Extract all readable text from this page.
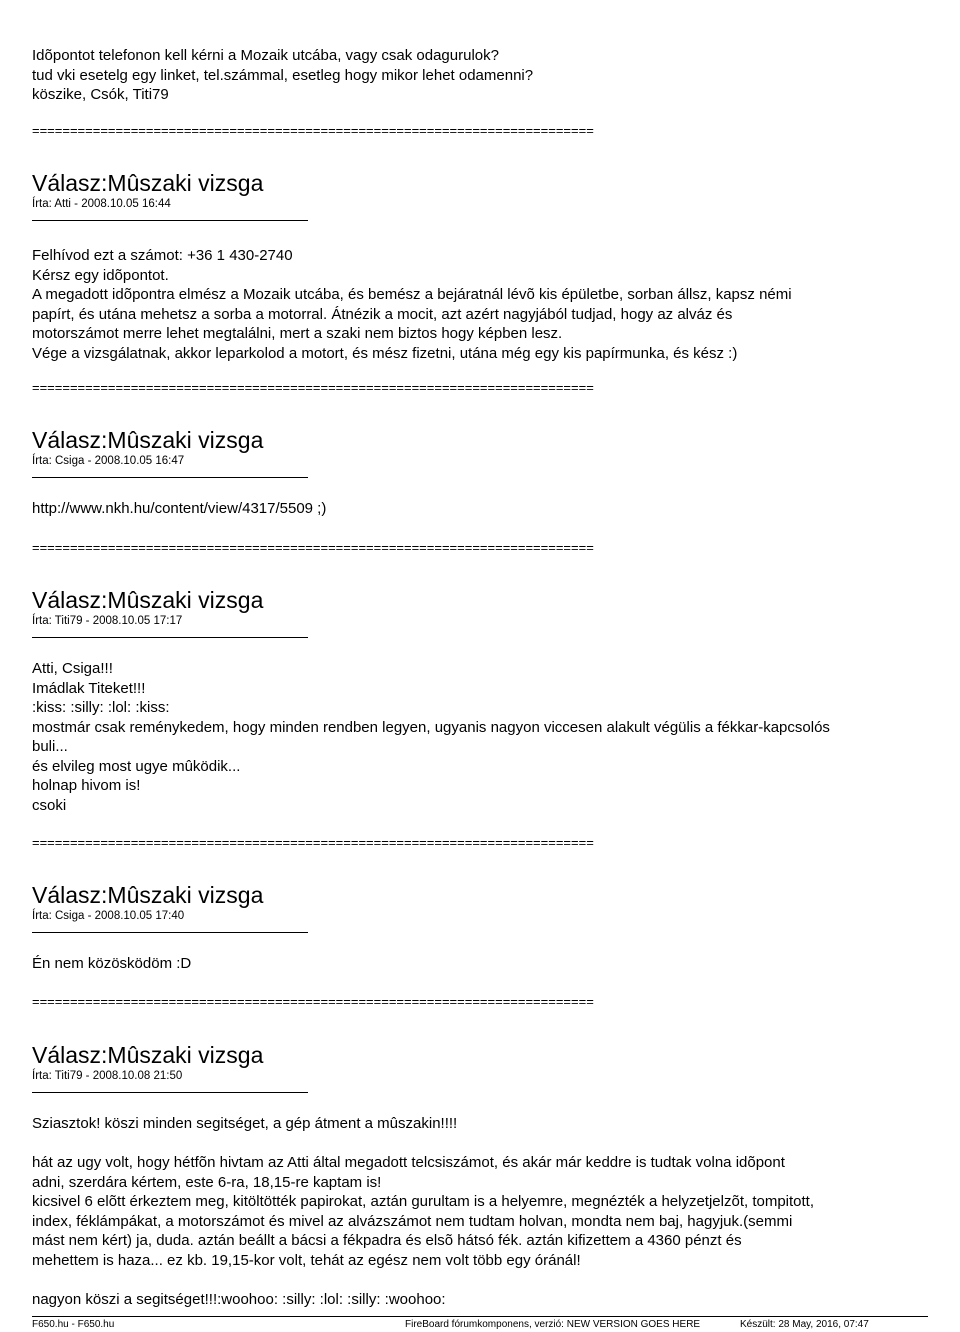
Idõpontot telefonon kell kérni a Mozaik utcába, vagy csak odagurulok?

tud vki esetelg egy linket, tel.számmal, esetleg hogy mikor lehet odamenni?

köszike, Csók, Titi79

==========================================================================

Válasz:Mûszaki vizsga

Írta: Atti - 2008.10.05 16:44

Felhívod ezt a számot: +36 1 430-2740

Kérsz egy idõpontot.

A megadott idõpontra elmész a Mozaik utcába, és bemész a bejáratnál lévõ kis épületbe, sorban állsz, kapsz némi

papírt, és utána mehetsz a sorba a motorral. Átnézik a mocit, azt azért nagyjából tudjad, hogy az alváz és

motorszámot merre lehet megtalálni, mert a szaki nem biztos hogy képben lesz.

Vége a vizsgálatnak, akkor leparkolod a motort, és mész fizetni, utána még egy kis papírmunka, és kész :)

==========================================================================

Válasz:Mûszaki vizsga

Írta: Csiga - 2008.10.05 16:47

http://www.nkh.hu/content/view/4317/5509 ;)

==========================================================================

Válasz:Mûszaki vizsga

Írta: Titi79 - 2008.10.05 17:17

Atti, Csiga!!!

Imádlak Titeket!!!

:kiss: :silly: :lol: :kiss:

mostmár csak reménykedem, hogy minden rendben legyen, ugyanis nagyon viccesen alakult végülis a fékkar-kapcsolós

buli...

és elvileg most ugye mûködik...

holnap hivom is!

csoki

==========================================================================

Válasz:Mûszaki vizsga

Írta: Csiga - 2008.10.05 17:40

Én nem közösködöm :D

==========================================================================

Válasz:Mûszaki vizsga

Írta: Titi79 - 2008.10.08 21:50

Sziasztok! köszi minden segitséget, a gép átment a mûszakin!!!!

hát az ugy volt, hogy hétfõn hivtam az Atti által megadott telcsiszámot, és akár már keddre is tudtak volna idõpont

adni, szerdára kértem, este 6-ra, 18,15-re kaptam is!

kicsivel 6 elõtt érkeztem meg, kitöltötték papirokat, aztán gurultam is a helyemre, megnézték a helyzetjelzõt, tompitott,

index, féklámpákat, a motorszámot és mivel az alvázszámot nem tudtam holvan, mondta nem baj, hagyjuk.(semmi

mást nem kért) ja, duda. aztán beállt a bácsi a fékpadra és elsõ hátsó fék. aztán kifizettem a 4360 pénzt és

mehettem is haza... ez kb. 19,15-kor volt, tehát az egész nem volt több egy óránál!

nagyon köszi a segitséget!!!:woohoo: :silly: :lol: :silly: :woohoo:

F650.hu - F650.hu	FireBoard fórumkomponens, verzió: NEW VERSION GOES HERE	Készült: 28 May, 2016, 07:47
